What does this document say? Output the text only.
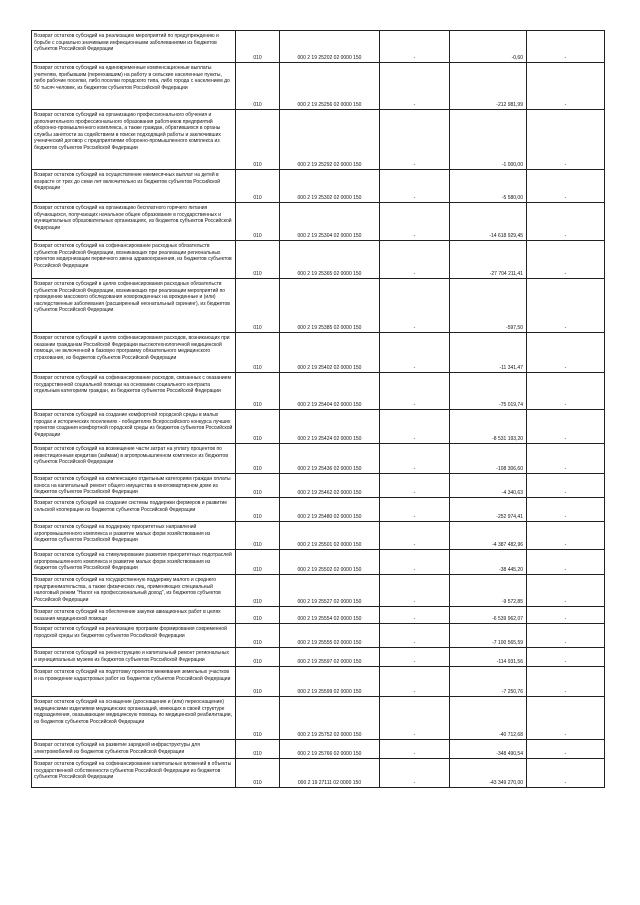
Возврат остатков субсидий на реализацию мероприятий по предупреждению и борьбе с социально значимыми инфекционными заболеваниями из бюджетов субъектов Российской Федерации	010	000 2 19 25202 02 0000 150	-	-0,60	-

Возврат остатков субсидий на единовременные компенсационные выплаты учителям, прибывшим (переехавшим) на работу в сельские населенные пункты, либо рабочие поселки, либо поселки городского типа, либо города с населением до 50 тысяч человек, из бюджетов субъектов Российской Федерации	010	000 2 19 25256 02 0000 150	-	-212 981,99	-

Возврат остатков субсидий на организацию профессионального обучения и дополнительного профессионального образования работников предприятий оборонно-промышленного комплекса, а также граждан, обратившихся в органы службы занятости за содействием в поиске подходящей работы и заключивших ученический договор с предприятиями оборонно-промышленного комплекса из бюджетов субъектов Российской Федерации	010	000 2 19 25292 02 0000 150	-	-1 000,00	-

Возврат остатков субсидий на осуществление ежемесячных выплат на детей в возрасте от трех до семи лет включительно из бюджетов субъектов Российской Федерации	010	000 2 19 25302 02 0000 150	-	-5 580,00	-

Возврат остатков субсидий на организацию бесплатного горячего питания обучающихся, получающих начальное общее образование в государственных и муниципальных образовательных организациях, из бюджетов субъектов Российской Федерации	010	000 2 19 25304 02 0000 150	-	-14 618 929,45	-

Возврат остатков субсидий на софинансирование расходных обязательств субъектов Российской Федерации, возникающих при реализации региональных проектов модернизации первичного звена здравоохранения, из бюджетов субъектов Российской Федерации	010	000 2 19 25365 02 0000 150	-	-27 704 211,41	-

Возврат остатков субсидий в целях софинансирования расходных обязательств субъектов Российской Федерации, возникающих при реализации мероприятий по проведению массового обследования новорожденных на врожденные и (или) наследственные заболевания (расширенный неонатальный скрининг), из бюджетов субъектов Российской Федерации	010	000 2 19 25385 02 0000 150	-	-597,50	-

Возврат остатков субсидий в целях софинансирования расходов, возникающих при оказании гражданам Российской Федерации высокотехнологичной медицинской помощи, не включенной в базовую программу обязательного медицинского страхования, из бюджетов субъектов Российской Федерации	010	000 2 19 25402 02 0000 150	-	-11 341,47	-

Возврат остатков субсидий на софинансирование расходов, связанных с оказанием государственной социальной помощи на основании социального контракта отдельным категориям граждан, из бюджетов субъектов Российской Федерации	010	000 2 19 25404 02 0000 150	-	-75 019,74	-

Возврат остатков субсидий на создание комфортной городской среды в малых городах и исторических поселениях - победителях Всероссийского конкурса лучших проектов создания комфортной городской среды из бюджетов субъектов Российской Федерации	010	000 2 19 25424 02 0000 150	-	-8 531 193,20	-

Возврат остатков субсидий на возмещение части затрат на уплату процентов по инвестиционным кредитам (займам) в агропромышленном комплексе из бюджетов субъектов Российской Федерации	010	000 2 19 25436 02 0000 150	-	-108 306,60	-

Возврат остатков субсидий на компенсацию отдельным категориям граждан оплаты взноса на капитальный ремонт общего имущества в многоквартирном доме из бюджетов субъектов Российской Федерации	010	000 2 19 25462 02 0000 150	-	-4 340,63	-

Возврат остатков субсидий на создание системы поддержки фермеров и развитие сельской кооперации из бюджетов субъектов Российской Федерации	010	000 2 19 25480 02 0000 150	-	-252 974,41	-

Возврат остатков субсидий на поддержку приоритетных направлений агропромышленного комплекса и развитие малых форм хозяйствования из бюджетов субъектов Российской Федерации	010	000 2 19 25501 02 0000 150	-	-4 387 482,96	-

Возврат остатков субсидий на стимулирование развития приоритетных подотраслей агропромышленного комплекса и развитие малых форм хозяйствования из бюджетов субъектов Российской Федерации	010	000 2 19 25502 02 0000 150	-	-38 445,20	-

Возврат остатков субсидий на государственную поддержку малого и среднего предпринимательства, а также физических лиц, применяющих специальный налоговый режим "Налог на профессиональный доход", из бюджетов субъектов Российской Федерации	010	000 2 19 25527 02 0000 150	-	-9 572,85	-

Возврат остатков субсидий на обеспечение закупки авиационных работ в целях оказания медицинской помощи	010	000 2 19 25554 02 0000 150	-	-6 539 962,07	-

Возврат остатков субсидий на реализацию программ формирования современной городской среды из бюджетов субъектов Российской Федерации	010	000 2 19 25555 02 0000 150	-	-7 100 565,59	-

Возврат остатков субсидий на реконструкцию и капитальный ремонт региональных и муниципальных музеев из бюджетов субъектов Российской Федерации	010	000 2 19 25597 02 0000 150	-	-114 931,56	-

Возврат остатков субсидий на подготовку проектов межевания земельных участков и на проведение кадастровых работ из бюджетов субъектов Российской Федерации	010	000 2 19 25599 02 0000 150	-	-7 250,76	-

Возврат остатков субсидий на оснащение (дооснащение и (или) переоснащение) медицинскими изделиями медицинских организаций, имеющих в своей структуре подразделения, оказывающие медицинскую помощь по медицинской реабилитации, из бюджетов субъектов Российской Федерации	010	000 2 19 25752 02 0000 150	-	-40 712,68	-

Возврат остатков субсидий на развитие зарядной инфраструктуры для электромобилей из бюджетов субъектов Российской Федерации	010	000 2 19 25766 02 0000 150	-	-348 490,54	-

Возврат остатков субсидий на софинансирование капитальных вложений в объекты государственной собственности субъектов Российской Федерации из бюджетов субъектов Российской Федерации	010	000 2 19 27111 02 0000 150	-	-43 349 270,00	-
